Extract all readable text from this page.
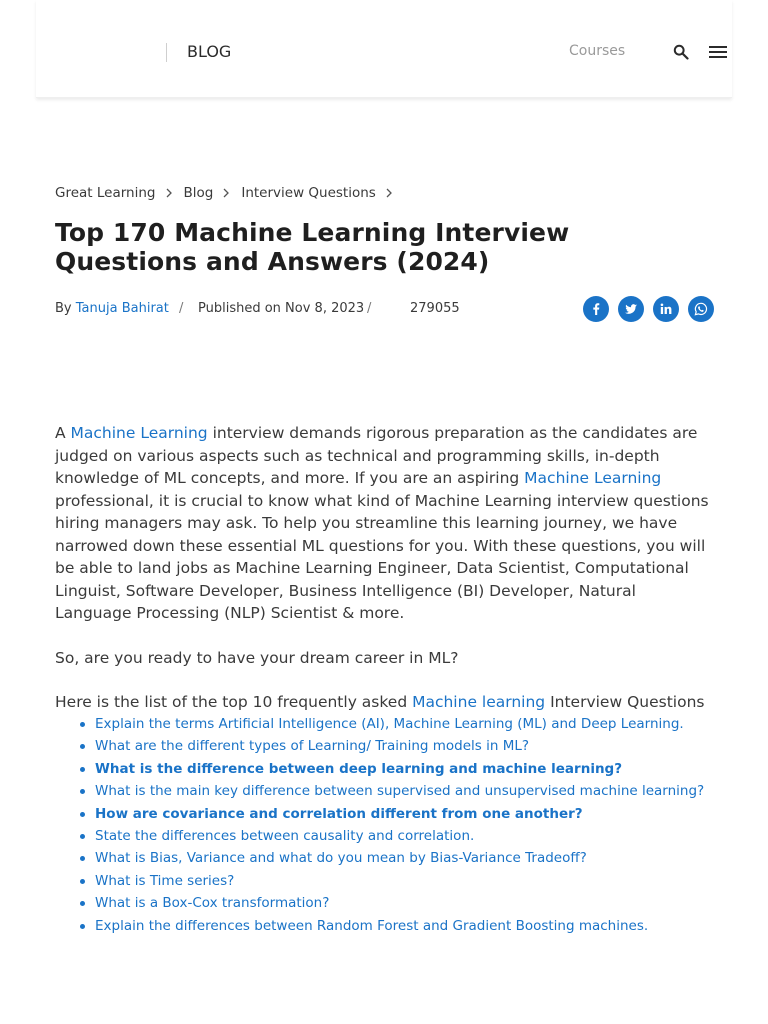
BLOG	Courses
Great Learning Blog Interview Questions
Top 170 Machine Learning Interview Questions and Answers (2024)
By Tanuja Bahirat / Published on Nov 8, 2023 /	279055

A Machine Learning interview demands rigorous preparation as the candidates are judged on various aspects such as technical and programming skills, in-depth knowledge of ML concepts, and more. If you are an aspiring Machine Learning professional, it is crucial to know what kind of Machine Learning interview questions hiring managers may ask. To help you streamline this learning journey, we have narrowed down these essential ML questions for you. With these questions, you will be able to land jobs as Machine Learning Engineer, Data Scientist, Computational Linguist, Software Developer, Business Intelligence (BI) Developer, Natural Language Processing (NLP) Scientist & more.

So, are you ready to have your dream career in ML?

Here is the list of the top 10 frequently asked Machine learning Interview Questions

Explain the terms Artificial Intelligence (AI), Machine Learning (ML) and Deep Learning.
What are the different types of Learning/ Training models in ML?
What is the difference between deep learning and machine learning?
What is the main key difference between supervised and unsupervised machine learning?
How are covariance and correlation different from one another?
State the differences between causality and correlation.
What is Bias, Variance and what do you mean by Bias-Variance Tradeoff?
What is Time series?
What is a Box-Cox transformation?
Explain the differences between Random Forest and Gradient Boosting machines.
